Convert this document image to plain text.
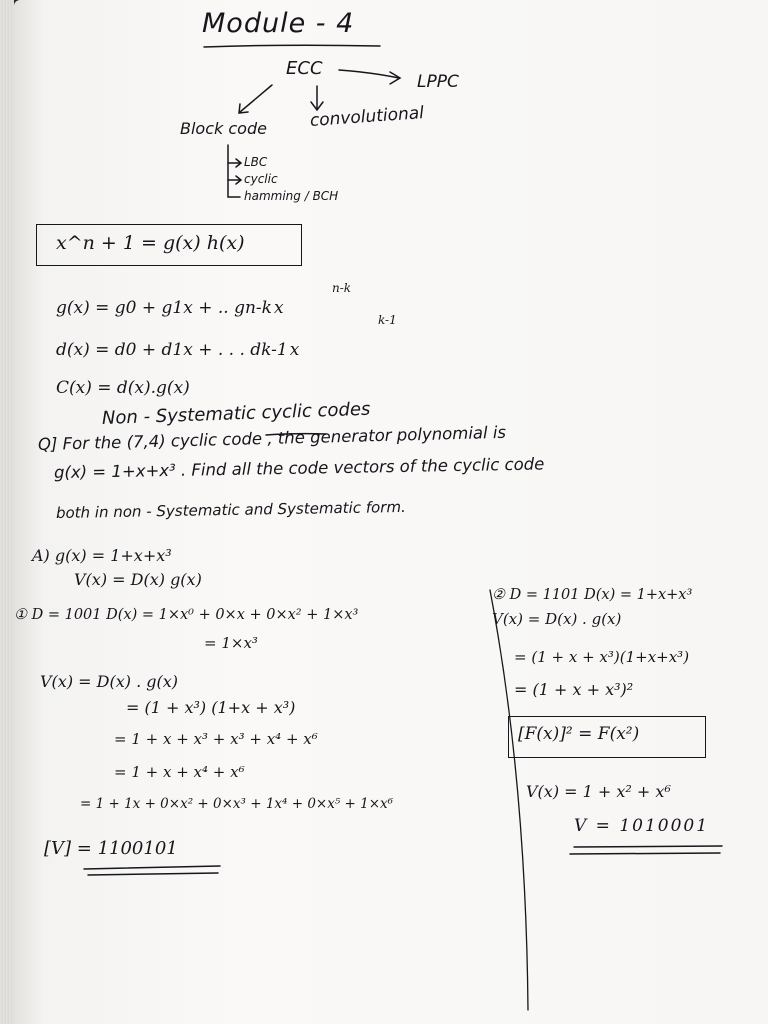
Module - 4
ECC
LPPC
Block code convolutional
LBC
cyclic
hamming / BCH
x^n + 1 = g(x) h(x)
g(x) = g0 + g1x + .. gn-k x
n-k
d(x) = d0 + d1x + . . . dk-1 x
k-1
C(x) = d(x).g(x)
Non - Systematic cyclic codes
Q] For the (7,4) cyclic code , the generator polynomial is
g(x) = 1+x+x³ . Find all the code vectors of the cyclic code
both in non - Systematic and Systematic form.
A) g(x) = 1+x+x³
V(x) = D(x) g(x)
① D = 1001 D(x) = 1×x⁰ + 0×x + 0×x² + 1×x³
= 1×x³
V(x) = D(x) . g(x)
= (1 + x³) (1+x + x³)
= 1 + x + x³ + x³ + x⁴ + x⁶
= 1 + x + x⁴ + x⁶
= 1 + 1x + 0×x² + 0×x³ + 1x⁴ + 0×x⁵ + 1×x⁶
[V] = 1100101
② D = 1101 D(x) = 1+x+x³
V(x) = D(x) . g(x)
= (1 + x + x³)(1+x+x³)
= (1 + x + x³)²
[F(x)]² = F(x²)
V(x) = 1 + x² + x⁶
V = 1010001
